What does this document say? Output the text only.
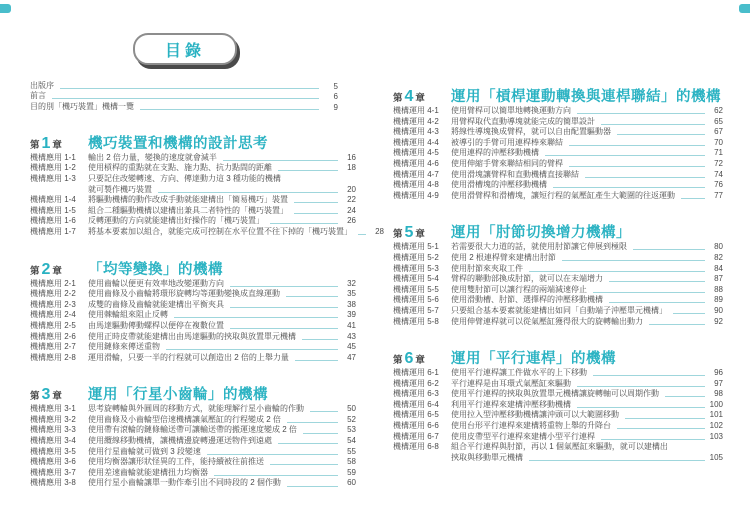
目錄
出版序	5
前言	6
目的別「機巧裝置」機構一覽	9
第 1 章	機巧裝置和機構的設計思考
機構應用 1-1	輸出 2 倍力量，變換的速度就會減半	16
機構應用 1-2	使用槓桿的重點就在支點、施力點、抗力點間的距離	18
機構應用 1-3	只要記住改變轉速、方向、傳達動力這 3 種功能的機構
就可製作機巧裝置	20
機構應用 1-4	將驅動機構的動作改成手動就能建構出「簡易機巧」裝置	22
機構應用 1-5	組合二種驅動機構以建構出兼具二者特性的「機巧裝置」	24
機構應用 1-6	反轉運動的方向就能建構出好操作的「機巧裝置」	26
機構應用 1-7	將基本要素加以組合，就能完成可控制在水平位置不往下掉的「機巧裝置」	28
第 2 章	「均等變換」的機構
機構應用 2-1	使用齒輪以便更有效率地改變運動方向	32
機構應用 2-2	使用齒條及小齒輪將環形旋轉均等運動變換成直線運動	35
機構應用 2-3	成雙的齒條及齒輪就能建構出平衡夾具	38
機構應用 2-4	使用棘輪組來阻止反轉	39
機構應用 2-5	由馬達驅動傳動螺桿以便停在複數位置	41
機構應用 2-6	使用正時皮帶就能建構出由馬達驅動的挾取與放置單元機構	43
機構應用 2-7	使用鏈條來傳送重物	45
機構應用 2-8	運用滑輪，只要一半的行程就可以創造出 2 倍的上舉力量	47
第 3 章	運用「行星小齒輪」的機構
機構應用 3-1	思考旋轉輪與外圓周的移動方式，就能理解行星小齒輪的作動	50
機構應用 3-2	使用齒條及小齒輪型倍速機構讓氣壓缸的行程變成 2 倍	52
機構應用 3-3	使用帶有滾輪的鏈條輸送帶可讓輸送帶的搬運速度變成 2 倍	53
機構應用 3-4	使用纜線移動機構，讓機構邊旋轉邊運送物件到遠處	54
機構應用 3-5	使用行星齒輪就可做到 3 段變速	55
機構應用 3-6	使用均衡器讓形狀怪異的工件，能持續被往前推送	58
機構應用 3-7	使用差速齒輪就能建構扭力均衡器	59
機構應用 3-8	使用行星小齒輪讓單一動作牽引出不同時段的 2 個作動	60
第 4 章	運用「槓桿運動轉換與連桿聯結」的機構
機構運用 4-1	使用臂桿可以簡單地轉換運動方向	62
機構運用 4-2	用臂桿取代直動導塊就能完成的簡單設計	65
機構運用 4-3	將線性導塊換成臂桿，就可以自由配置驅動器	67
機構運用 4-4	被導引的手臂可用連桿棒來聯結	70
機構運用 4-5	使用連桿的沖壓移動機構	71
機構運用 4-6	使用伸縮手臂來聯結相同的臂桿	72
機構運用 4-7	使用滑塊讓臂桿和直動機構直接聯結	74
機構運用 4-8	使用滑槽塊的沖壓移動機構	76
機構運用 4-9	使用滑臂桿和滑槽塊，讓短行程的氣壓缸產生大範圍的往返運動	77
第 5 章	運用「肘節切換增力機構」
機構運用 5-1	若需要很大力道的話，就使用肘節讓它伸展到極限	80
機構運用 5-2	使用 2 根連桿臂來建構出肘節	82
機構運用 5-3	使用肘節來夾取工件	84
機構運用 5-4	臂桿的聯動部換成肘節，就可以在末端增力	87
機構運用 5-5	使用雙肘節可以讓行程的兩端減速停止	88
機構運用 5-6	使用滑動槽、肘節、選擇桿的沖壓移動機構	89
機構運用 5-7	只要組合基本要素就能建構出如同「自動端子沖壓單元機構」	90
機構運用 5-8	使用伸臂連桿就可以從氣壓缸獲得很大的旋轉輸出動力	92
第 6 章	運用「平行連桿」的機構
機構運用 6-1	使用平行連桿讓工件做水平的上下移動	96
機構運用 6-2	平行連桿是由耳環式氣壓缸來驅動	97
機構運用 6-3	使用平行連桿的挾取與放置單元機構讓旋轉軸可以周期作動	98
機構運用 6-4	利用平行連桿來建構沖壓移動機構	100
機構運用 6-5	使用拉入型沖壓移動機構讓沖頭可以大範圍移動	101
機構運用 6-6	使用台形平行連桿來建構將重物上舉的升降台	102
機構運用 6-7	使用皮帶型平行連桿來建構小型平行連桿	103
機構運用 6-8	組合平行連桿與肘節，再以 1 個氣壓缸來驅動，就可以建構出
挾取與移動單元機構	105
